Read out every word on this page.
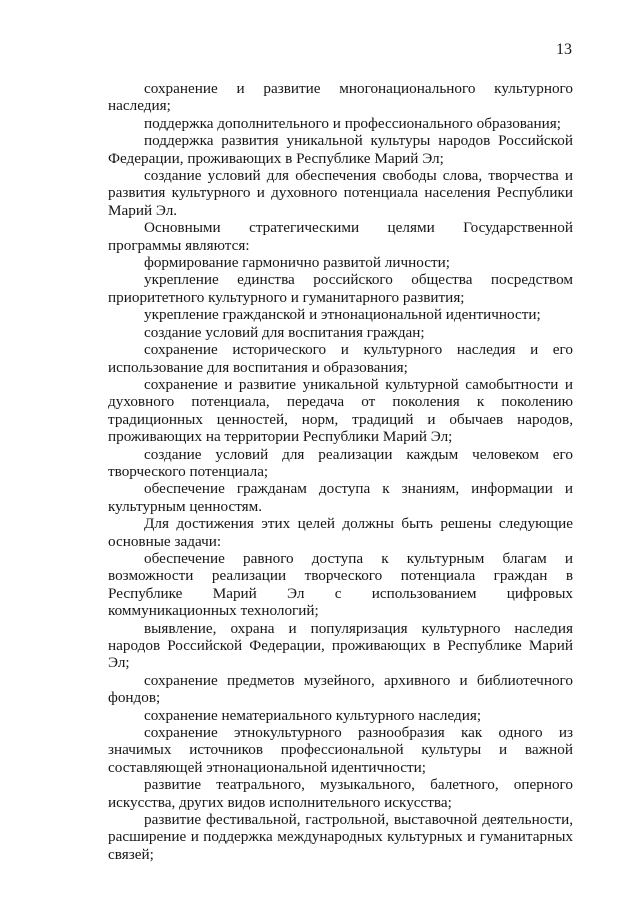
13

сохранение и развитие многонационального культурного наследия;

поддержка дополнительного и профессионального образования;

поддержка развития уникальной культуры народов Российской Федерации, проживающих в Республике Марий Эл;

создание условий для обеспечения свободы слова, творчества и развития культурного и духовного потенциала населения Республики Марий Эл.

Основными стратегическими целями Государственной программы являются:

формирование гармонично развитой личности;

укрепление единства российского общества посредством приоритетного культурного и гуманитарного развития;

укрепление гражданской и этнонациональной идентичности;

создание условий для воспитания граждан;

сохранение исторического и культурного наследия и его использование для воспитания и образования;

сохранение и развитие уникальной культурной самобытности и духовного потенциала, передача от поколения к поколению традиционных ценностей, норм, традиций и обычаев народов, проживающих на территории Республики Марий Эл;

создание условий для реализации каждым человеком его творческого потенциала;

обеспечение гражданам доступа к знаниям, информации и культурным ценностям.

Для достижения этих целей должны быть решены следующие основные задачи:

обеспечение равного доступа к культурным благам и возможности реализации творческого потенциала граждан в Республике Марий Эл с использованием цифровых коммуникационных технологий;

выявление, охрана и популяризация культурного наследия народов Российской Федерации, проживающих в Республике Марий Эл;

сохранение предметов музейного, архивного и библиотечного фондов;

сохранение нематериального культурного наследия;

сохранение этнокультурного разнообразия как одного из значимых источников профессиональной культуры и важной составляющей этнонациональной идентичности;

развитие театрального, музыкального, балетного, оперного искусства, других видов исполнительного искусства;

развитие фестивальной, гастрольной, выставочной деятельности, расширение и поддержка международных культурных и гуманитарных связей;
